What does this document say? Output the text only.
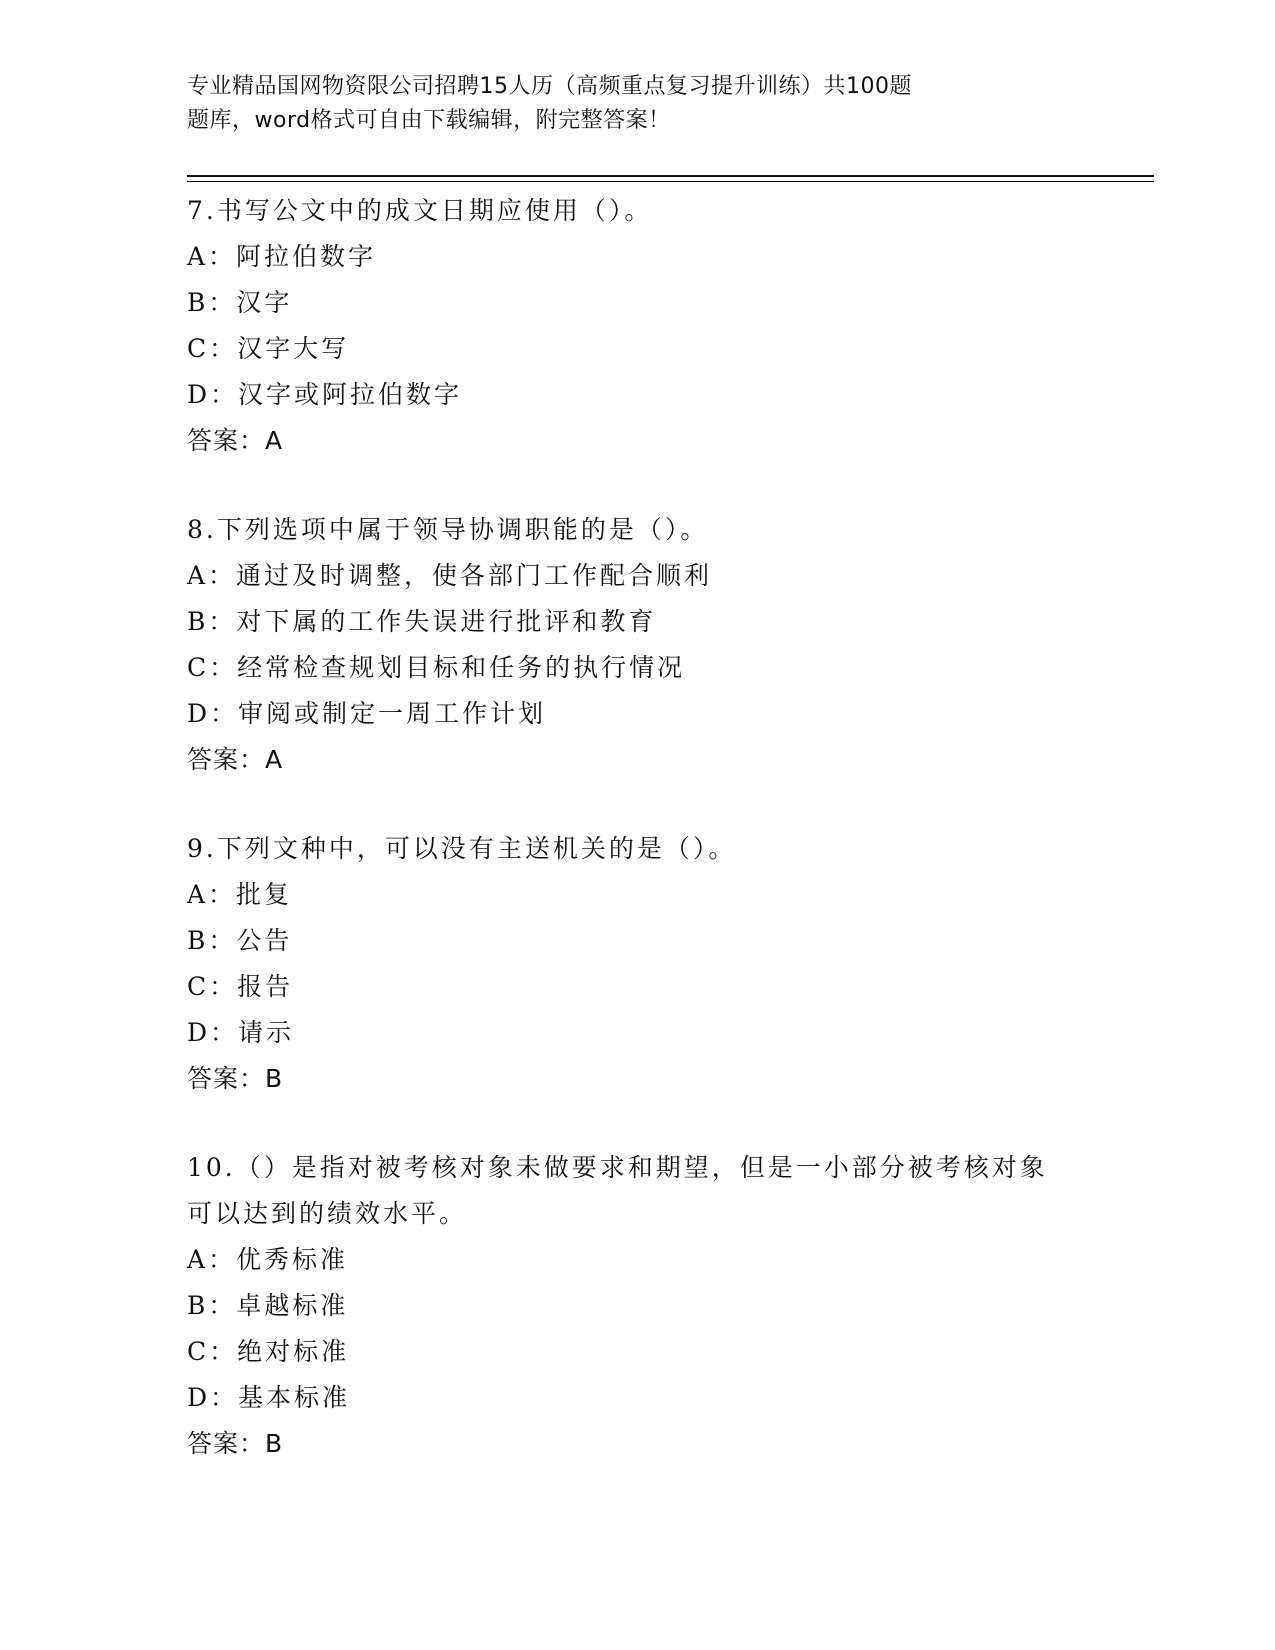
专业精品国网物资限公司招聘15人历（高频重点复习提升训练）共100题
题库，word格式可自由下载编辑，附完整答案！
7.书写公文中的成文日期应使用（）。
A：阿拉伯数字
B：汉字
C：汉字大写
D：汉字或阿拉伯数字
答案：A
8.下列选项中属于领导协调职能的是（）。
A：通过及时调整，使各部门工作配合顺利
B：对下属的工作失误进行批评和教育
C：经常检查规划目标和任务的执行情况
D：审阅或制定一周工作计划
答案：A
9.下列文种中，可以没有主送机关的是（）。
A：批复
B：公告
C：报告
D：请示
答案：B
10.（）是指对被考核对象未做要求和期望，但是一小部分被考核对象
可以达到的绩效水平。
A：优秀标准
B：卓越标准
C：绝对标准
D：基本标准
答案：B
